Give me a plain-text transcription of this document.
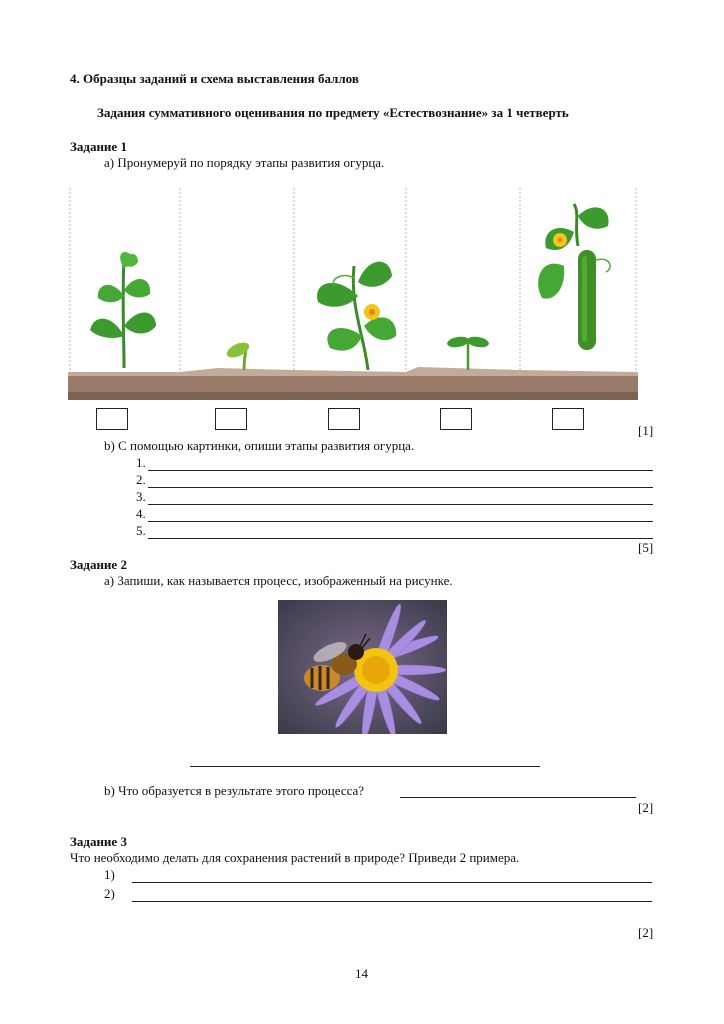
4. Образцы заданий и схема выставления баллов
Задания суммативного оценивания по предмету «Естествознание» за 1 четверть
Задание 1
а) Пронумеруй по порядку этапы развития огурца.
[1]
b) С помощью картинки, опиши этапы развития огурца.
1.
2.
3.
4.
5.
[5]
Задание 2
а) Запиши, как называется процесс, изображенный на рисунке.
b) Что образуется в результате этого процесса?
[2]
Задание 3
Что необходимо делать для сохранения растений в природе? Приведи 2 примера.
1)
2)
[2]
14
